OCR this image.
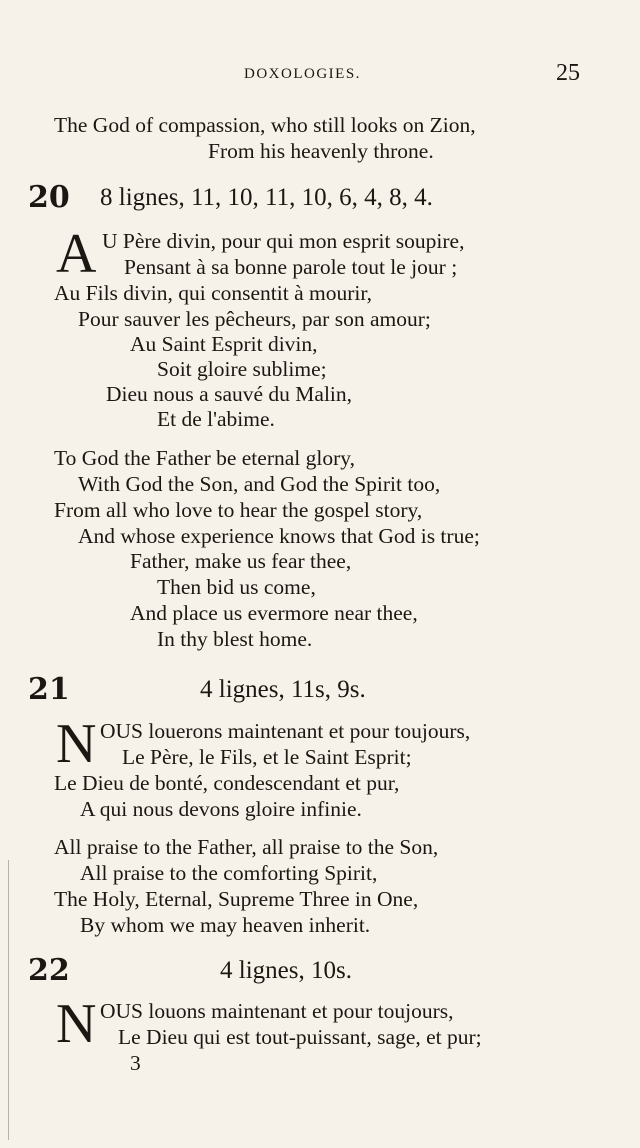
DOXOLOGIES.	25
The God of compassion, who still looks on Zion,
From his heavenly throne.
20 8 lignes, 11, 10, 11, 10, 6, 4, 8, 4.
A U Père divin, pour qui mon esprit soupire,
Pensant à sa bonne parole tout le jour ;
Au Fils divin, qui consentit à mourir,
Pour sauver les pêcheurs, par son amour;
Au Saint Esprit divin,
Soit gloire sublime;
Dieu nous a sauvé du Malin,
Et de l'abime.
To God the Father be eternal glory,
With God the Son, and God the Spirit too,
From all who love to hear the gospel story,
And whose experience knows that God is true;
Father, make us fear thee,
Then bid us come,
And place us evermore near thee,
In thy blest home.
21	4 lignes, 11s, 9s.
N OUS louerons maintenant et pour toujours,
Le Père, le Fils, et le Saint Esprit;
Le Dieu de bonté, condescendant et pur,
A qui nous devons gloire infinie.
All praise to the Father, all praise to the Son,
All praise to the comforting Spirit,
The Holy, Eternal, Supreme Three in One,
By whom we may heaven inherit.
22	4 lignes, 10s.
N OUS louons maintenant et pour toujours,
Le Dieu qui est tout-puissant, sage, et pur;
3
